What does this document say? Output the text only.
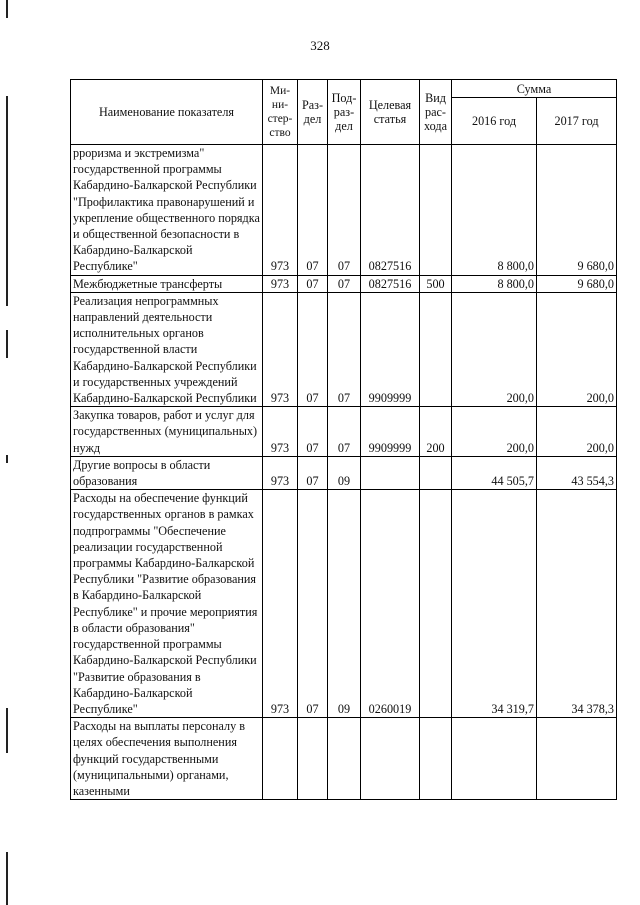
328
Наименование показателя	Ми- ни- стер- ство	Раз- дел	Под- раз- дел	Целевая статья	Вид рас- хода	Сумма	
						2016 год	2017 год
рроризма и экстремизма" государственной программы Кабардино-Балкарской Республики "Профилактика правонарушений и укрепление общественного порядка и общественной безопасности в Кабардино-Балкарской Республике"	973	07	07	0827516		8 800,0	9 680,0
Межбюджетные трансферты	973	07	07	0827516	500	8 800,0	9 680,0
Реализация непрограммных направлений деятельности исполнительных органов государственной власти Кабардино-Балкарской Республики и государственных учреждений Кабардино-Балкарской Республики	973	07	07	9909999		200,0	200,0
Закупка товаров, работ и услуг для государственных (муниципальных) нужд	973	07	07	9909999	200	200,0	200,0
Другие вопросы в области образования	973	07	09			44 505,7	43 554,3
Расходы на обеспечение функций государственных органов в рамках подпрограммы "Обеспечение реализации государственной программы Кабардино-Балкарской Республики "Развитие образования в Кабардино-Балкарской Республике" и прочие мероприятия в области образования" государственной программы Кабардино-Балкарской Республики "Развитие образования в Кабардино-Балкарской Республике"	973	07	09	0260019		34 319,7	34 378,3
Расходы на выплаты персоналу в целях обеспечения выполнения функций государственными (муниципальными) органами, казенными							
